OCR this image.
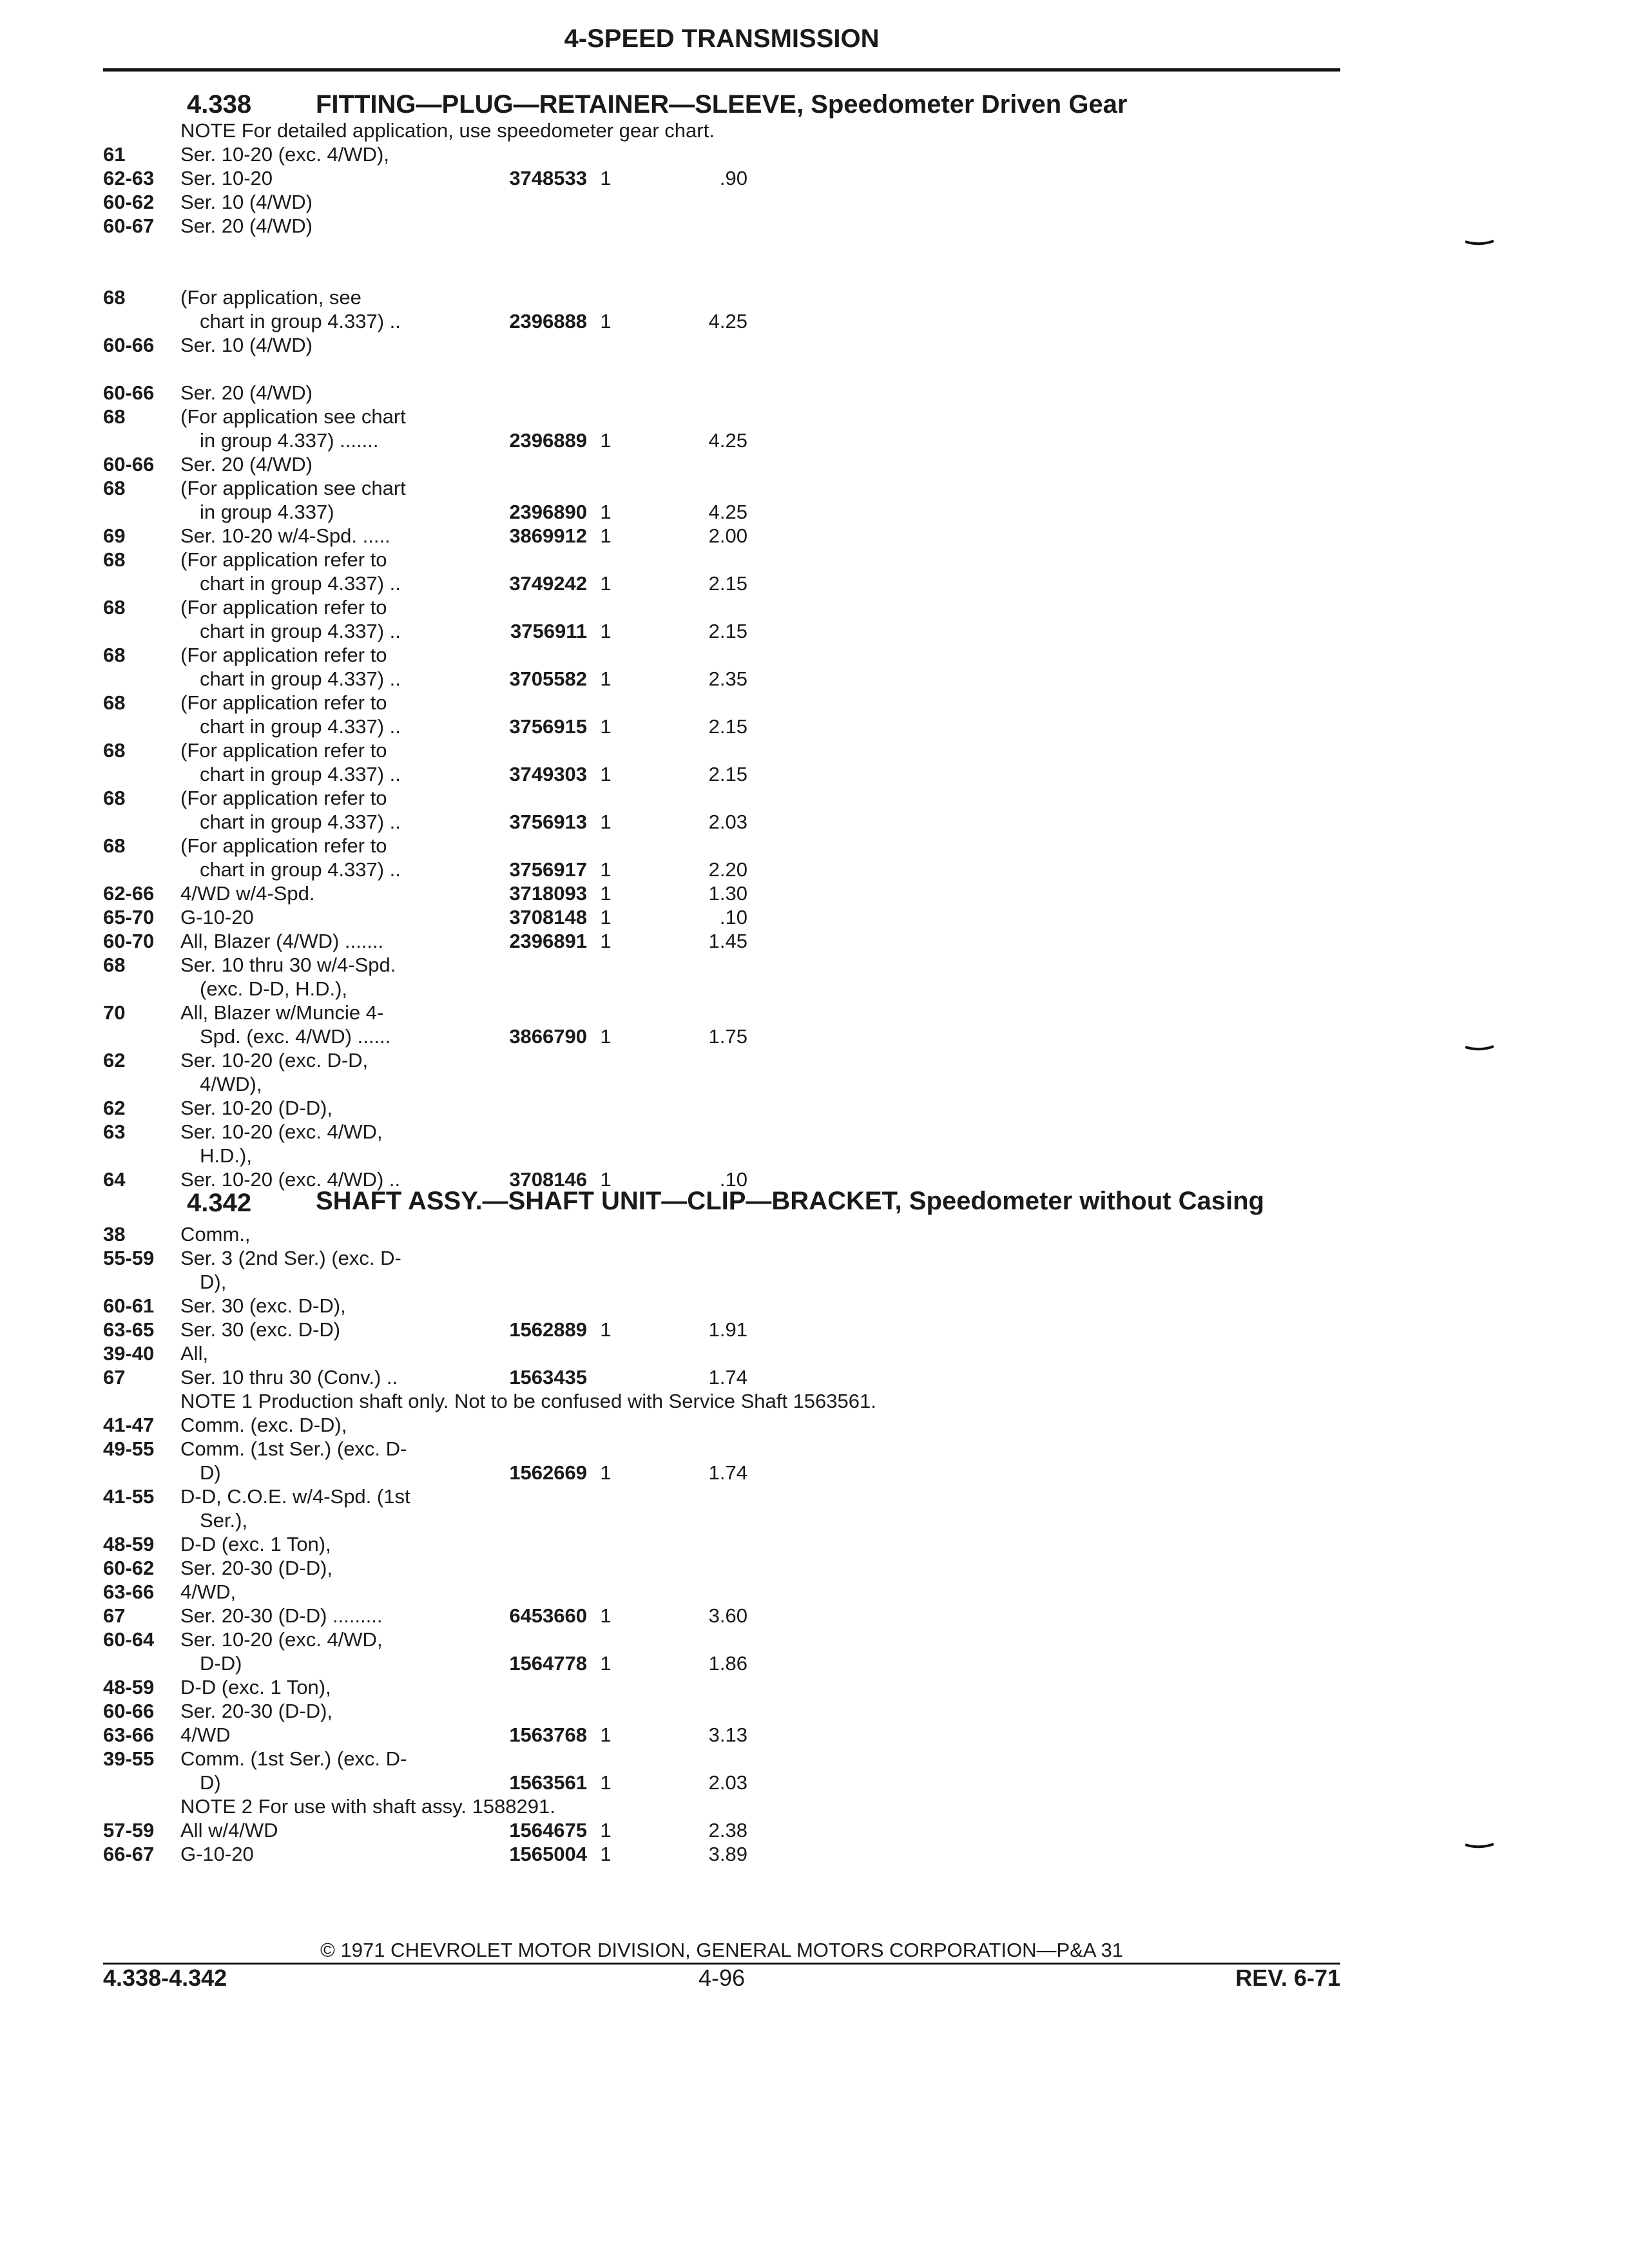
4-SPEED TRANSMISSION
4.338	FITTING—PLUG—RETAINER—SLEEVE, Speedometer Driven Gear
NOTE For detailed application, use speedometer gear chart.
61	Ser. 10-20 (exc. 4/WD),
62-63	Ser. 10-20	3748533 1	.90
60-62	Ser. 10 (4/WD)
60-67	Ser. 20 (4/WD)
68	(For application, see
chart in group 4.337) ..	2396888 1	4.25
60-66	Ser. 10 (4/WD)
60-66	Ser. 20 (4/WD)
68	(For application see chart
in group 4.337) .......	2396889 1	4.25
60-66	Ser. 20 (4/WD)
68	(For application see chart
in group 4.337)	2396890 1	4.25
69	Ser. 10-20 w/4-Spd. .....	3869912 1	2.00
68	(For application refer to
chart in group 4.337) ..	3749242 1	2.15
68	(For application refer to
chart in group 4.337) ..	3756911 1	2.15
68	(For application refer to
chart in group 4.337) ..	3705582 1	2.35
68	(For application refer to
chart in group 4.337) ..	3756915 1	2.15
68	(For application refer to
chart in group 4.337) ..	3749303 1	2.15
68	(For application refer to
chart in group 4.337) ..	3756913 1	2.03
68	(For application refer to
chart in group 4.337) ..	3756917 1	2.20
62-66	4/WD w/4-Spd.	3718093 1	1.30
65-70	G-10-20	3708148 1	.10
60-70	All, Blazer (4/WD) .......	2396891 1	1.45
68	Ser. 10 thru 30 w/4-Spd.
(exc. D-D, H.D.),
70	All, Blazer w/Muncie 4-
Spd. (exc. 4/WD) ......	3866790 1	1.75
62	Ser. 10-20 (exc. D-D,
4/WD),
62	Ser. 10-20 (D-D),
63	Ser. 10-20 (exc. 4/WD,
H.D.),
64	Ser. 10-20 (exc. 4/WD) ..	3708146 1	.10
4.342	SHAFT ASSY.—SHAFT UNIT—CLIP—BRACKET, Speedometer without Casing
38	Comm.,
55-59	Ser. 3 (2nd Ser.) (exc. D-
D),
60-61	Ser. 30 (exc. D-D),
63-65	Ser. 30 (exc. D-D)	1562889 1	1.91
39-40	All,
67	Ser. 10 thru 30 (Conv.) ..	1563435	1.74
NOTE 1 Production shaft only. Not to be confused with Service Shaft 1563561.
41-47	Comm. (exc. D-D),
49-55	Comm. (1st Ser.) (exc. D-
D)	1562669 1	1.74
41-55	D-D, C.O.E. w/4-Spd. (1st
Ser.),
48-59	D-D (exc. 1 Ton),
60-62	Ser. 20-30 (D-D),
63-66	4/WD,
67	Ser. 20-30 (D-D) .........	6453660 1	3.60
60-64	Ser. 10-20 (exc. 4/WD,
D-D)	1564778 1	1.86
48-59	D-D (exc. 1 Ton),
60-66	Ser. 20-30 (D-D),
63-66	4/WD	1563768 1	3.13
39-55	Comm. (1st Ser.) (exc. D-
D)	1563561 1	2.03
NOTE 2 For use with shaft assy. 1588291.
57-59	All w/4/WD	1564675 1	2.38
66-67	G-10-20	1565004 1	3.89
© 1971 CHEVROLET MOTOR DIVISION, GENERAL MOTORS CORPORATION—P&A 31
4.338-4.342	4-96	REV. 6-71
